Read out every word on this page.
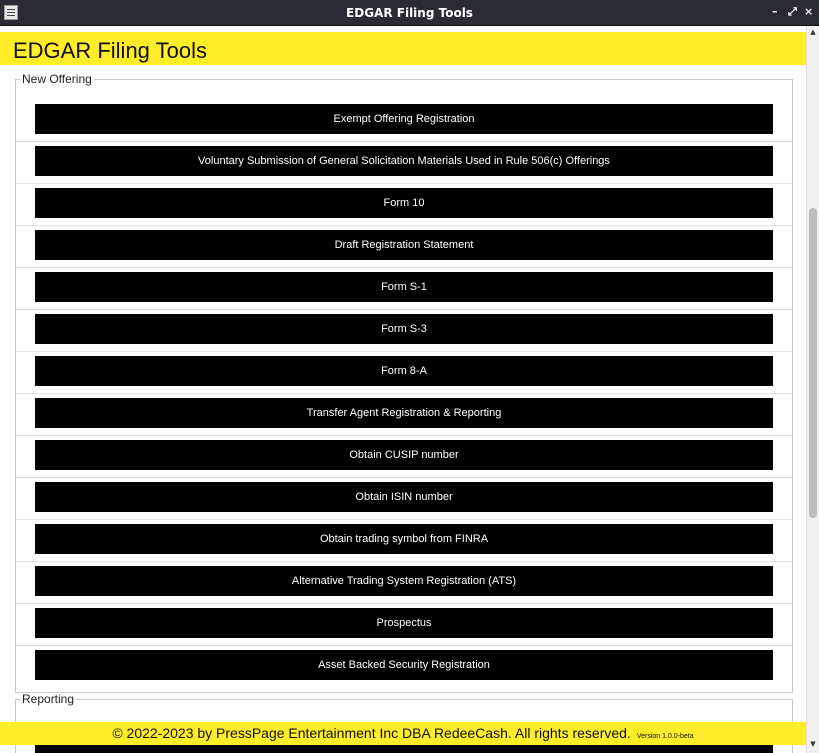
EDGAR Filing Tools	– ⤢ ×
EDGAR Filing Tools
New Offering
Exempt Offering Registration
Voluntary Submission of General Solicitation Materials Used in Rule 506(c) Offerings
Form 10
Draft Registration Statement
Form S-1
Form S-3
Form 8-A
Transfer Agent Registration & Reporting
Obtain CUSIP number
Obtain ISIN number
Obtain trading symbol from FINRA
Alternative Trading System Registration (ATS)
Prospectus
Asset Backed Security Registration
Reporting
© 2022-2023 by PressPage Entertainment Inc DBA RedeeCash. All rights reserved. Version 1.0.0-beta
▲
▼
